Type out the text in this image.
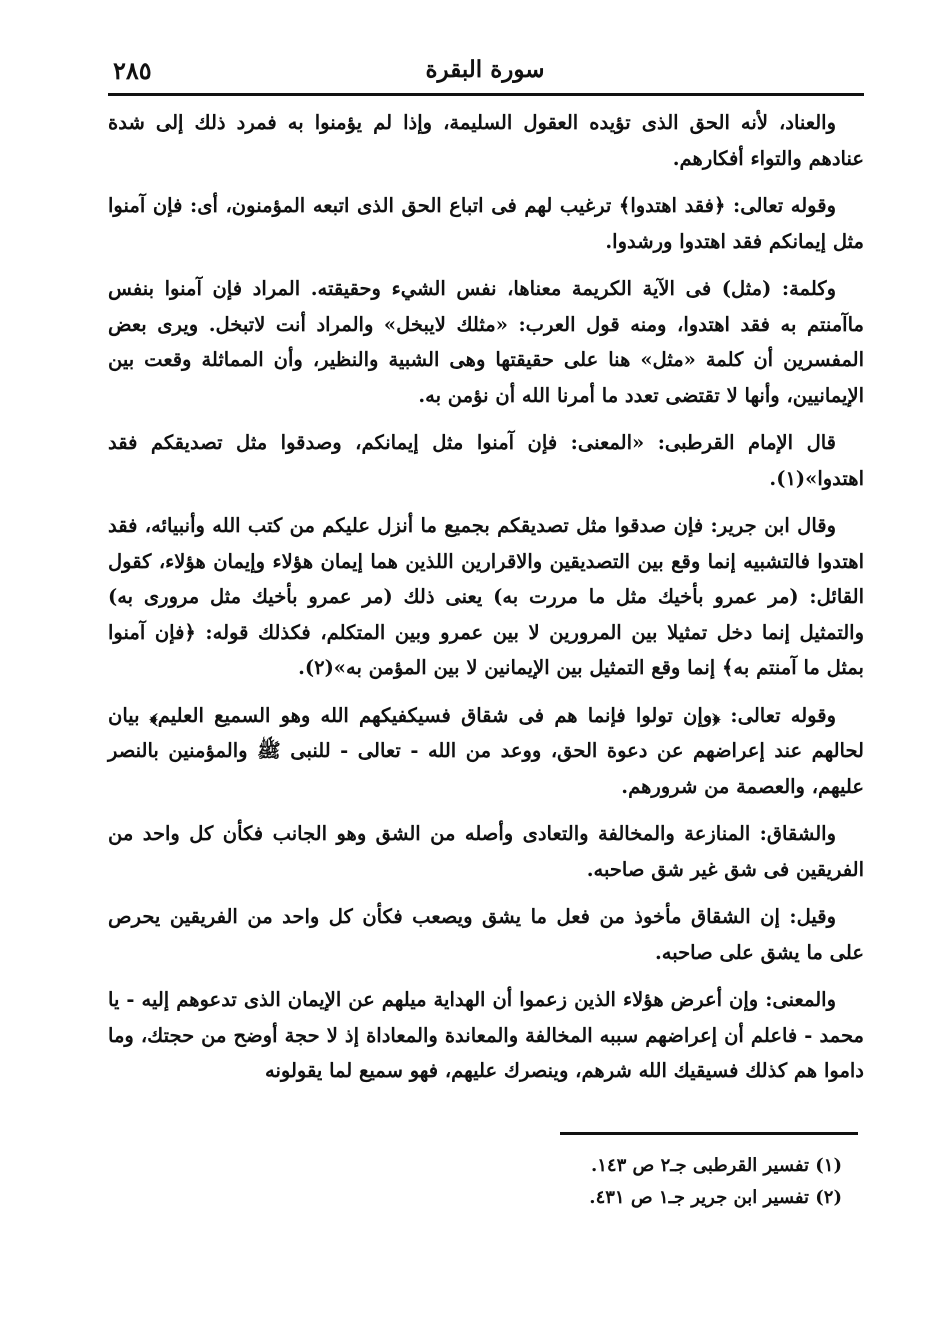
٢٨٥	سورة البقرة

والعناد، لأنه الحق الذى تؤيده العقول السليمة، وإذا لم يؤمنوا به فمرد ذلك إلى شدة عنادهم والتواء أفكارهم.

وقوله تعالى: ﴿فقد اهتدوا﴾ ترغيب لهم فى اتباع الحق الذى اتبعه المؤمنون، أى: فإن آمنوا مثل إيمانكم فقد اهتدوا ورشدوا.

وكلمة: (مثل) فى الآية الكريمة معناها، نفس الشيء وحقيقته. المراد فإن آمنوا بنفس ماآمنتم به فقد اهتدوا، ومنه قول العرب: «مثلك لايبخل» والمراد أنت لاتبخل. ويرى بعض المفسرين أن كلمة «مثل» هنا على حقيقتها وهى الشبية والنظير، وأن المماثلة وقعت بين الإيمانيين، وأنها لا تقتضى تعدد ما أمرنا الله أن نؤمن به.

قال الإمام القرطبى: «المعنى: فإن آمنوا مثل إيمانكم، وصدقوا مثل تصديقكم فقد اهتدوا»(١).

وقال ابن جرير: فإن صدقوا مثل تصديقكم بجميع ما أنزل عليكم من كتب الله وأنبيائه، فقد اهتدوا فالتشبيه إنما وقع بين التصديقين والاقرارين اللذين هما إيمان هؤلاء وإيمان هؤلاء، كقول القائل: (مر عمرو بأخيك مثل ما مررت به) يعنى ذلك (مر عمرو بأخيك مثل مرورى به) والتمثيل إنما دخل تمثيلا بين المرورين لا بين عمرو وبين المتكلم، فكذلك قوله: ﴿فإن آمنوا بمثل ما آمنتم به﴾ إنما وقع التمثيل بين الإيمانين لا بين المؤمن به»(٢).

وقوله تعالى: ﴿وإن تولوا فإنما هم فى شقاق فسيكفيكهم الله وهو السميع العليم﴾ بيان لحالهم عند إعراضهم عن دعوة الحق، ووعد من الله - تعالى - للنبى ﷺ والمؤمنين بالنصر عليهم، والعصمة من شرورهم.

والشقاق: المنازعة والمخالفة والتعادى وأصله من الشق وهو الجانب فكأن كل واحد من الفريقين فى شق غير شق صاحبه.

وقيل: إن الشقاق مأخوذ من فعل ما يشق ويصعب فكأن كل واحد من الفريقين يحرص على ما يشق على صاحبه.

والمعنى: وإن أعرض هؤلاء الذين زعموا أن الهداية ميلهم عن الإيمان الذى تدعوهم إليه - يا محمد - فاعلم أن إعراضهم سببه المخالفة والمعاندة والمعاداة إذ لا حجة أوضح من حجتك، وما داموا هم كذلك فسيقيك الله شرهم، وينصرك عليهم، فهو سميع لما يقولونه

(١) تفسير القرطبى جـ٢ ص ١٤٣.

(٢) تفسير ابن جرير جـ١ ص ٤٣١.
